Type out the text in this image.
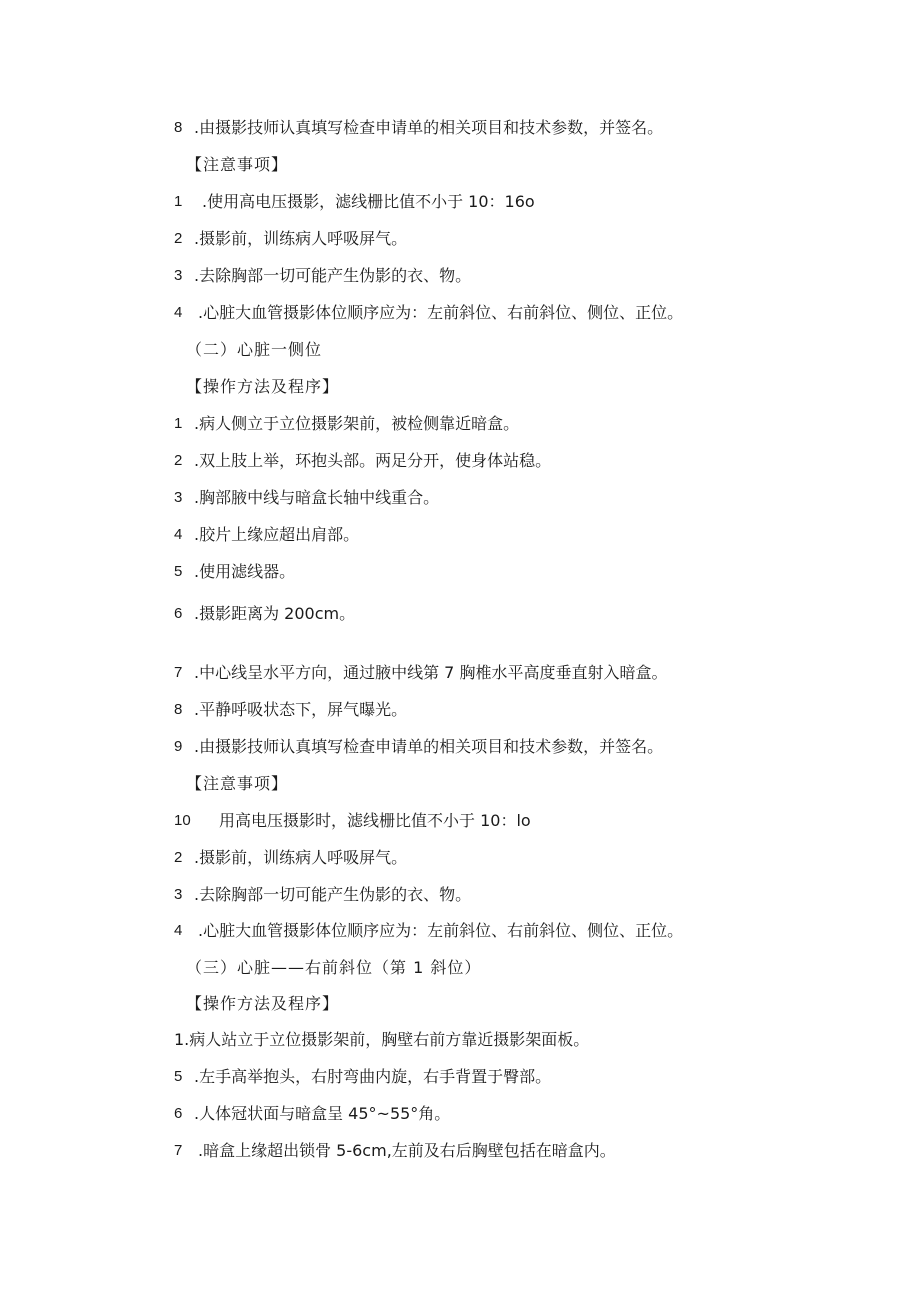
8 .由摄影技师认真填写检查申请单的相关项目和技术参数，并签名。
【注意事项】
1 .使用高电压摄影，滤线栅比值不小于 10：16o
2 .摄影前，训练病人呼吸屏气。
3 .去除胸部一切可能产生伪影的衣、物。
4 .心脏大血管摄影体位顺序应为：左前斜位、右前斜位、侧位、正位。
（二）心脏一侧位
【操作方法及程序】
1 .病人侧立于立位摄影架前，被检侧靠近暗盒。
2 .双上肢上举，环抱头部。两足分开，使身体站稳。
3 .胸部腋中线与暗盒长轴中线重合。
4 .胶片上缘应超出肩部。
5 .使用滤线器。
6 .摄影距离为 200cm。
7 .中心线呈水平方向，通过腋中线第 7 胸椎水平高度垂直射入暗盒。
8 .平静呼吸状态下，屏气曝光。
9 .由摄影技师认真填写检查申请单的相关项目和技术参数，并签名。
【注意事项】
10 用高电压摄影时，滤线栅比值不小于 10：lo
2 .摄影前，训练病人呼吸屏气。
3 .去除胸部一切可能产生伪影的衣、物。
4 .心脏大血管摄影体位顺序应为：左前斜位、右前斜位、侧位、正位。
（三）心脏——右前斜位（第 1 斜位）
【操作方法及程序】
1.病人站立于立位摄影架前，胸壁右前方靠近摄影架面板。
5 .左手高举抱头，右肘弯曲内旋，右手背置于臀部。
6 .人体冠状面与暗盒呈 45°~55°角。
7 .暗盒上缘超出锁骨 5-6cm,左前及右后胸壁包括在暗盒内。
